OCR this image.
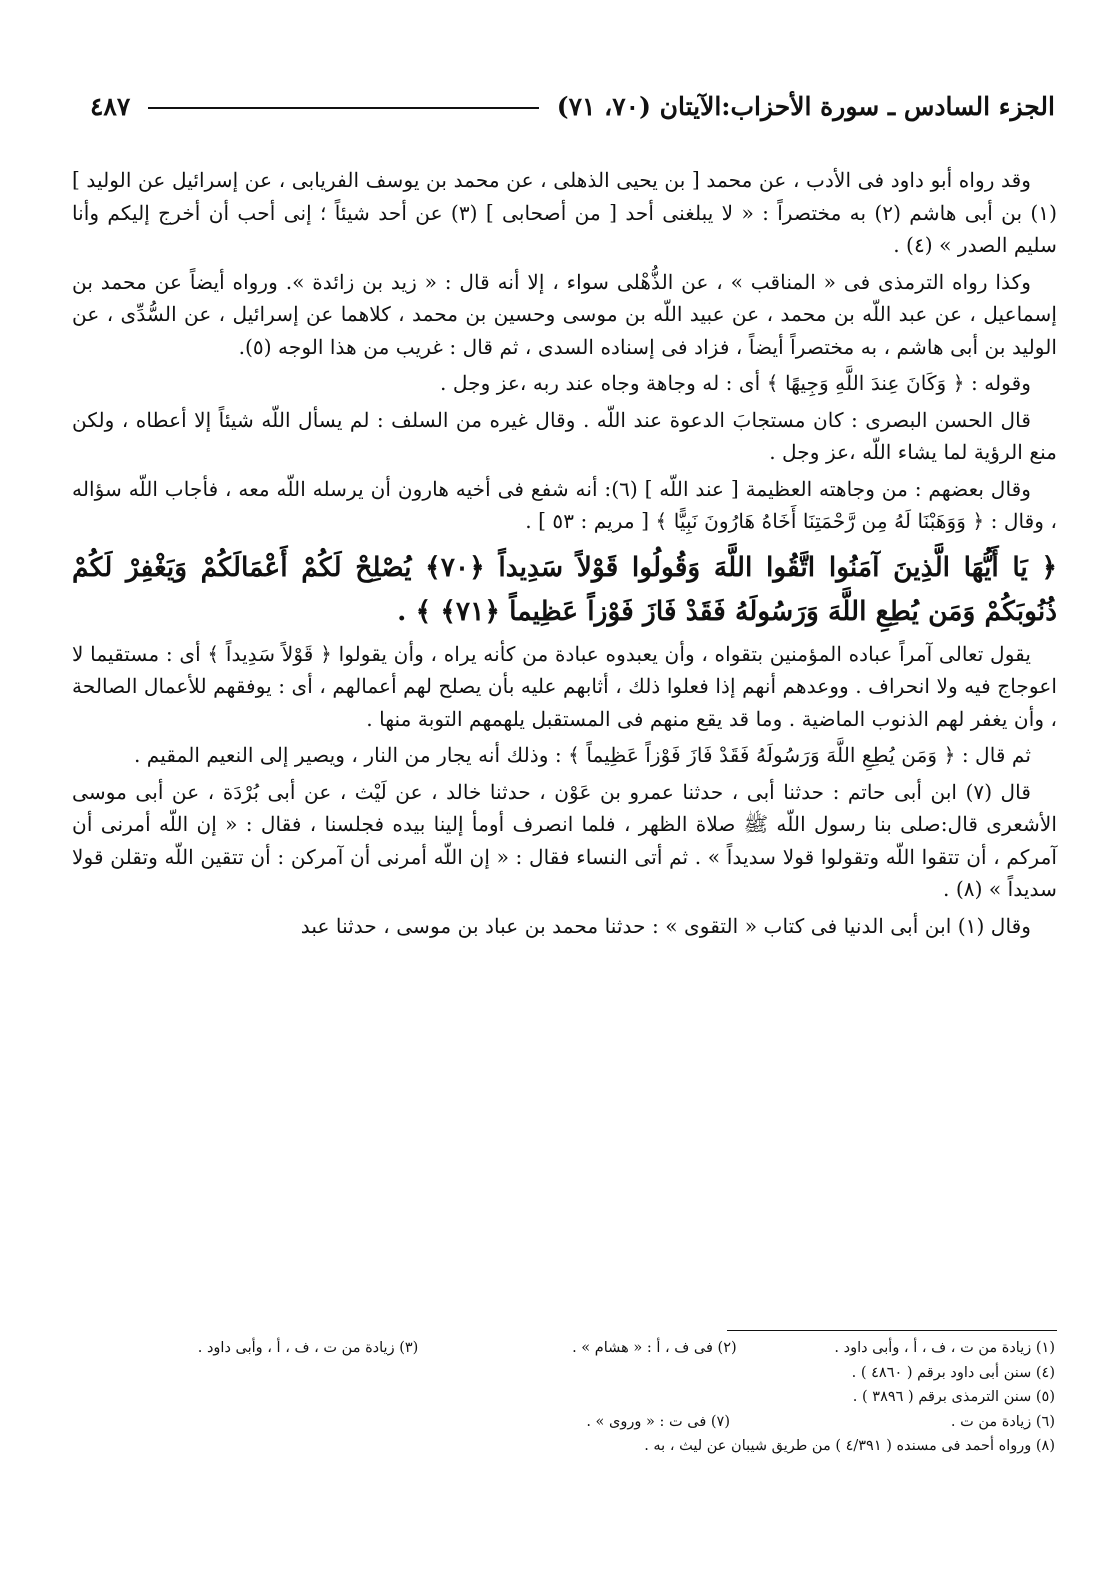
الجزء السادس ـ سورة الأحزاب:الآيتان (٧٠، ٧١)
٤٨٧

وقد رواه أبو داود فى الأدب ، عن محمد [ بن يحيى الذهلى ، عن محمد بن يوسف الفريابى ، عن إسرائيل عن الوليد ] (١) بن أبى هاشم (٢) به مختصراً : « لا يبلغنى أحد [ من أصحابى ] (٣) عن أحد شيئاً ؛ إنى أحب أن أخرج إليكم وأنا سليم الصدر » (٤) .

وكذا رواه الترمذى فى « المناقب » ، عن الذُّهْلى سواء ، إلا أنه قال : « زيد بن زائدة ». ورواه أيضاً عن محمد بن إسماعيل ، عن عبد اللّه بن محمد ، عن عبيد اللّه بن موسى وحسين بن محمد ، كلاهما عن إسرائيل ، عن السُّدِّى ، عن الوليد بن أبى هاشم ، به مختصراً أيضاً ، فزاد فى إسناده السدى ، ثم قال : غريب من هذا الوجه (٥).

وقوله : ﴿ وَكَانَ عِندَ اللَّهِ وَجِيهًا ﴾ أى : له وجاهة وجاه عند ربه ،عز وجل .

قال الحسن البصرى : كان مستجابَ الدعوة عند اللّه . وقال غيره من السلف : لم يسأل اللّه شيئاً إلا أعطاه ، ولكن منع الرؤية لما يشاء اللّه ،عز وجل .

وقال بعضهم : من وجاهته العظيمة [ عند اللّه ] (٦): أنه شفع فى أخيه هارون أن يرسله اللّه معه ، فأجاب اللّه سؤاله ، وقال : ﴿ وَوَهَبْنَا لَهُ مِن رَّحْمَتِنَا أَخَاهُ هَارُونَ نَبِيًّا ﴾ [ مريم : ٥٣ ] .

﴿ يَا أَيُّهَا الَّذِينَ آمَنُوا اتَّقُوا اللَّهَ وَقُولُوا قَوْلاً سَدِيداً ﴿٧٠﴾ يُصْلِحْ لَكُمْ أَعْمَالَكُمْ وَيَغْفِرْ لَكُمْ ذُنُوبَكُمْ وَمَن يُطِعِ اللَّهَ وَرَسُولَهُ فَقَدْ فَازَ فَوْزاً عَظِيماً ﴿٧١﴾ ﴾ .

يقول تعالى آمراً عباده المؤمنين بتقواه ، وأن يعبدوه عبادة من كأنه يراه ، وأن يقولوا ﴿ قَوْلاً سَدِيداً ﴾ أى : مستقيما لا اعوجاج فيه ولا انحراف . ووعدهم أنهم إذا فعلوا ذلك ، أثابهم عليه بأن يصلح لهم أعمالهم ، أى : يوفقهم للأعمال الصالحة ، وأن يغفر لهم الذنوب الماضية . وما قد يقع منهم فى المستقبل يلهمهم التوبة منها .

ثم قال : ﴿ وَمَن يُطِعِ اللَّهَ وَرَسُولَهُ فَقَدْ فَازَ فَوْزاً عَظِيماً ﴾ : وذلك أنه يجار من النار ، ويصير إلى النعيم المقيم .

قال (٧) ابن أبى حاتم : حدثنا أبى ، حدثنا عمرو بن عَوْن ، حدثنا خالد ، عن لَيْث ، عن أبى بُرْدَة ، عن أبى موسى الأشعرى قال:صلى بنا رسول اللّه ﷺ صلاة الظهر ، فلما انصرف أومأ إلينا بيده فجلسنا ، فقال : « إن اللّه أمرنى أن آمركم ، أن تتقوا اللّه وتقولوا قولا سديداً » . ثم أتى النساء فقال : « إن اللّه أمرنى أن آمركن : أن تتقين اللّه وتقلن قولا سديداً » (٨) .

وقال (١) ابن أبى الدنيا فى كتاب « التقوى » : حدثنا محمد بن عباد بن موسى ، حدثنا عبد

(١) زيادة من ت ، ف ، أ ، وأبى داود .
(٢) فى ف ، أ : « هشام » .
(٣) زيادة من ت ، ف ، أ ، وأبى داود .
(٤) سنن أبى داود برقم ( ٤٨٦٠ ) .
(٥) سنن الترمذى برقم ( ٣٨٩٦ ) .
(٦) زيادة من ت .
(٧) فى ت : « وروى » .
(٨) ورواه أحمد فى مسنده ( ٤/٣٩١ ) من طريق شيبان عن ليث ، به .
